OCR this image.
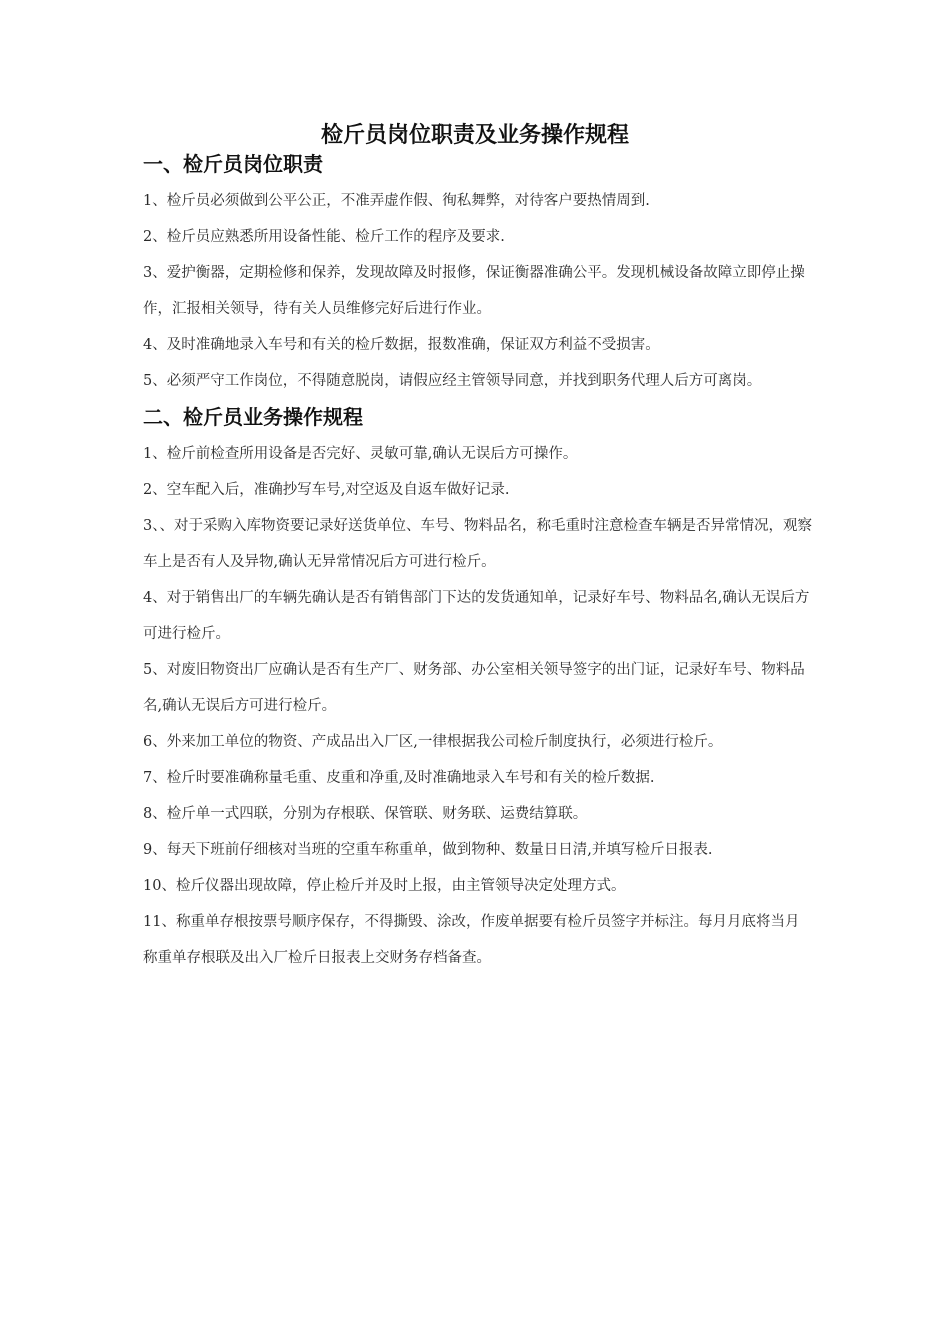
检斤员岗位职责及业务操作规程
一、检斤员岗位职责

1、检斤员必须做到公平公正，不准弄虚作假、徇私舞弊，对待客户要热情周到.

2、检斤员应熟悉所用设备性能、检斤工作的程序及要求.

3、爱护衡器，定期检修和保养，发现故障及时报修，保证衡器准确公平。发现机械设备故障立即停止操作，汇报相关领导，待有关人员维修完好后进行作业。

4、及时准确地录入车号和有关的检斤数据，报数准确，保证双方利益不受损害。

5、必须严守工作岗位，不得随意脱岗，请假应经主管领导同意，并找到职务代理人后方可离岗。

二、检斤员业务操作规程

1、检斤前检查所用设备是否完好、灵敏可靠,确认无误后方可操作。

2、空车配入后，准确抄写车号,对空返及自返车做好记录.

3、、对于采购入库物资要记录好送货单位、车号、物料品名，称毛重时注意检查车辆是否异常情况，观察车上是否有人及异物,确认无异常情况后方可进行检斤。

4、对于销售出厂的车辆先确认是否有销售部门下达的发货通知单，记录好车号、物料品名,确认无误后方可进行检斤。

5、对废旧物资出厂应确认是否有生产厂、财务部、办公室相关领导签字的出门证，记录好车号、物料品名,确认无误后方可进行检斤。

6、外来加工单位的物资、产成品出入厂区,一律根据我公司检斤制度执行，必须进行检斤。

7、检斤时要准确称量毛重、皮重和净重,及时准确地录入车号和有关的检斤数据.

8、检斤单一式四联，分别为存根联、保管联、财务联、运费结算联。

9、每天下班前仔细核对当班的空重车称重单，做到物种、数量日日清,并填写检斤日报表.

10、检斤仪器出现故障，停止检斤并及时上报，由主管领导决定处理方式。

11、称重单存根按票号顺序保存，不得撕毁、涂改，作废单据要有检斤员签字并标注。每月月底将当月称重单存根联及出入厂检斤日报表上交财务存档备查。
